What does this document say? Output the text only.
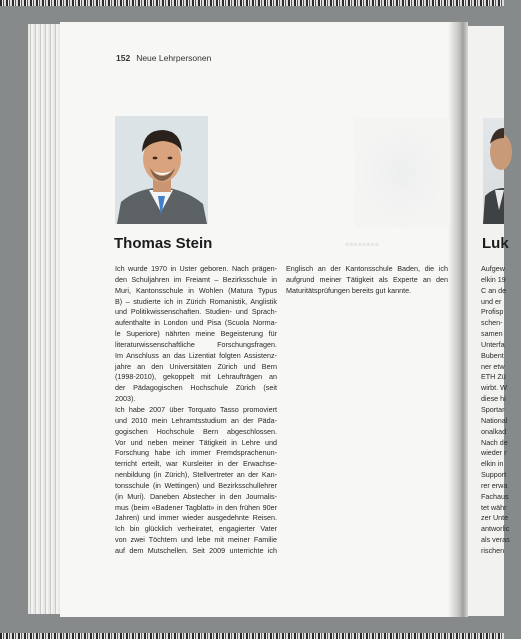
152 Neue Lehrpersonen
▪▪▪▪▪▪▪▪
Thomas Stein
Ich wurde 1970 in Uster geboren. Nach prägen-
den Schuljahren im Freiamt – Bezirksschule in
Muri, Kantonsschule in Wohlen (Matura Typus
B) – studierte ich in Zürich Romanistik, Anglistik
und Politikwissenschaften. Studien- und Sprach-
aufenthalte in London und Pisa (Scuola Norma-
le Superiore) nährten meine Begeisterung für
literaturwissenschaftliche Forschungsfragen.
Im Anschluss an das Lizentiat folgten Assistenz-
jahre an den Universitäten Zürich und Bern
(1998-2010), gekoppelt mit Lehraufträgen an
der Pädagogischen Hochschule Zürich (seit
2003).
Ich habe 2007 über Torquato Tasso promoviert
und 2010 mein Lehramtsstudium an der Päda-
gogischen Hochschule Bern abgeschlossen.
Vor und neben meiner Tätigkeit in Lehre und
Forschung habe ich immer Fremdsprachenun-
terricht erteilt, war Kursleiter in der Erwachse-
nenbildung (in Zürich), Stellvertreter an der Kan-
tonsschule (in Wettingen) und Bezirksschullehrer
(in Muri). Daneben Abstecher in den Journalis-
mus (beim «Badener Tagblatt» in den frühen 90er
Jahren) und immer wieder ausgedehnte Reisen.
Ich bin glücklich verheiratet, engagierter Vater
von zwei Töchtern und lebe mit meiner Familie
auf dem Mutschellen. Seit 2009 unterrichte ich
Englisch an der Kantonsschule Baden, die ich
aufgrund meiner Tätigkeit als Experte an den
Maturitätsprüfungen bereits gut kannte.
Luk
Aufgew
elkin 19
C an de
und er
Profisp
schen-
samen
Unterfa
Bubent
ner etw
ETH Zü
wirbt. W
diese hi
Sportar
National
onalkad
Nach de
wieder r
elkin in
Support
rer erwa
Fachaus
tet währ
zer Unte
antworlic
als veras
rischen
